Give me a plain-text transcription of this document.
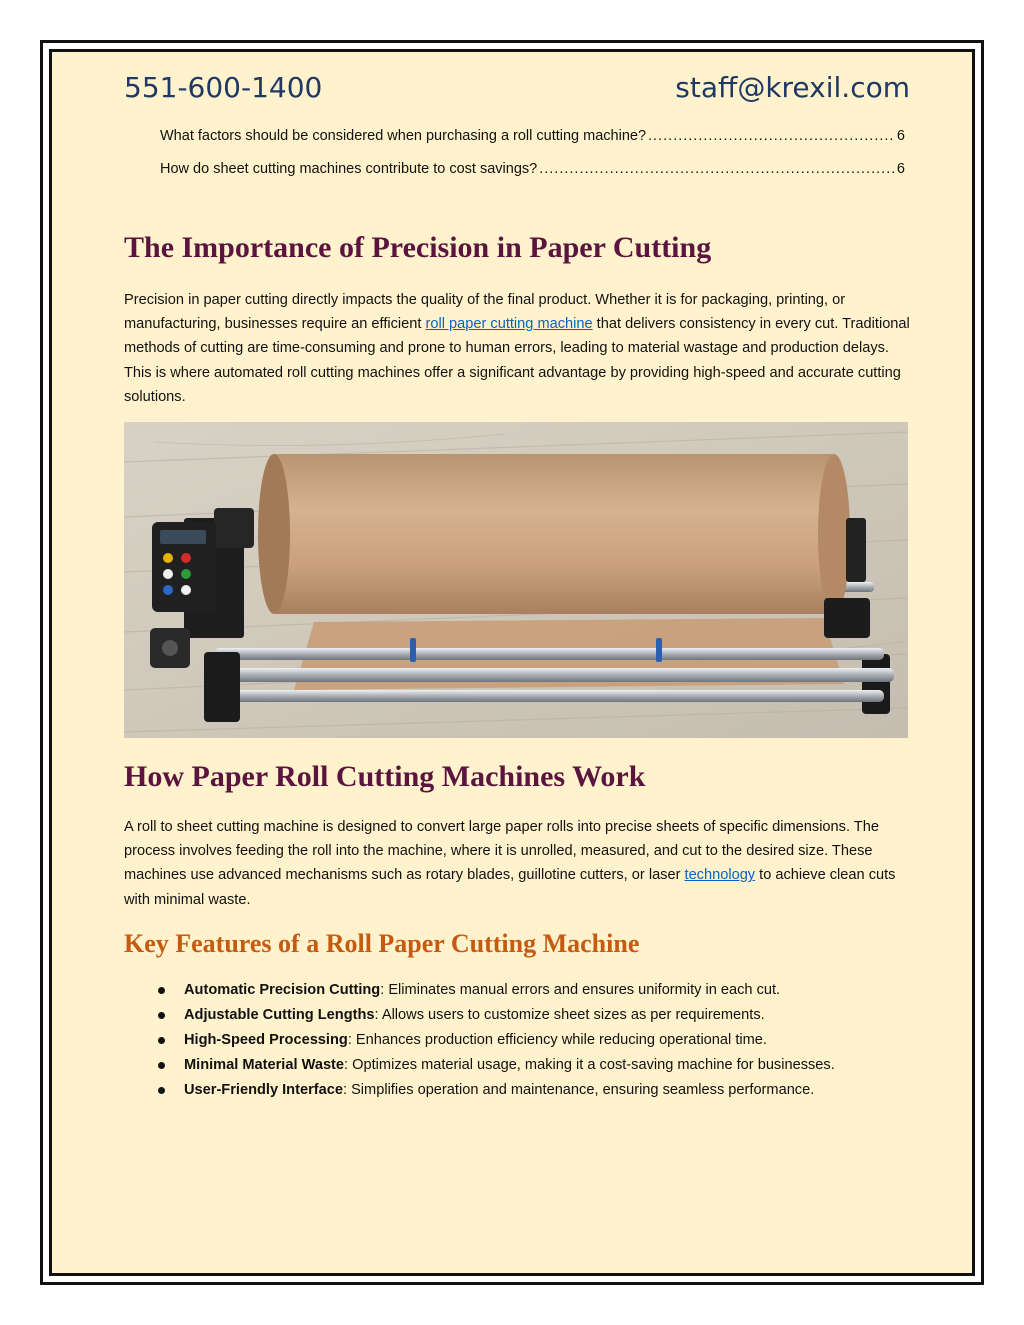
551-600-1400	staff@krexil.com
What factors should be considered when purchasing a roll cutting machine? .....	6
How do sheet cutting machines contribute to cost savings? .....	6
The Importance of Precision in Paper Cutting

Precision in paper cutting directly impacts the quality of the final product. Whether it is for packaging, printing, or manufacturing, businesses require an efficient roll paper cutting machine that delivers consistency in every cut. Traditional methods of cutting are time-consuming and prone to human errors, leading to material wastage and production delays. This is where automated roll cutting machines offer a significant advantage by providing high-speed and accurate cutting solutions.

How Paper Roll Cutting Machines Work

A roll to sheet cutting machine is designed to convert large paper rolls into precise sheets of specific dimensions. The process involves feeding the roll into the machine, where it is unrolled, measured, and cut to the desired size. These machines use advanced mechanisms such as rotary blades, guillotine cutters, or laser technology to achieve clean cuts with minimal waste.

Key Features of a Roll Paper Cutting Machine
Automatic Precision Cutting: Eliminates manual errors and ensures uniformity in each cut.
Adjustable Cutting Lengths: Allows users to customize sheet sizes as per requirements.
High-Speed Processing: Enhances production efficiency while reducing operational time.
Minimal Material Waste: Optimizes material usage, making it a cost-saving machine for businesses.
User-Friendly Interface: Simplifies operation and maintenance, ensuring seamless performance.
